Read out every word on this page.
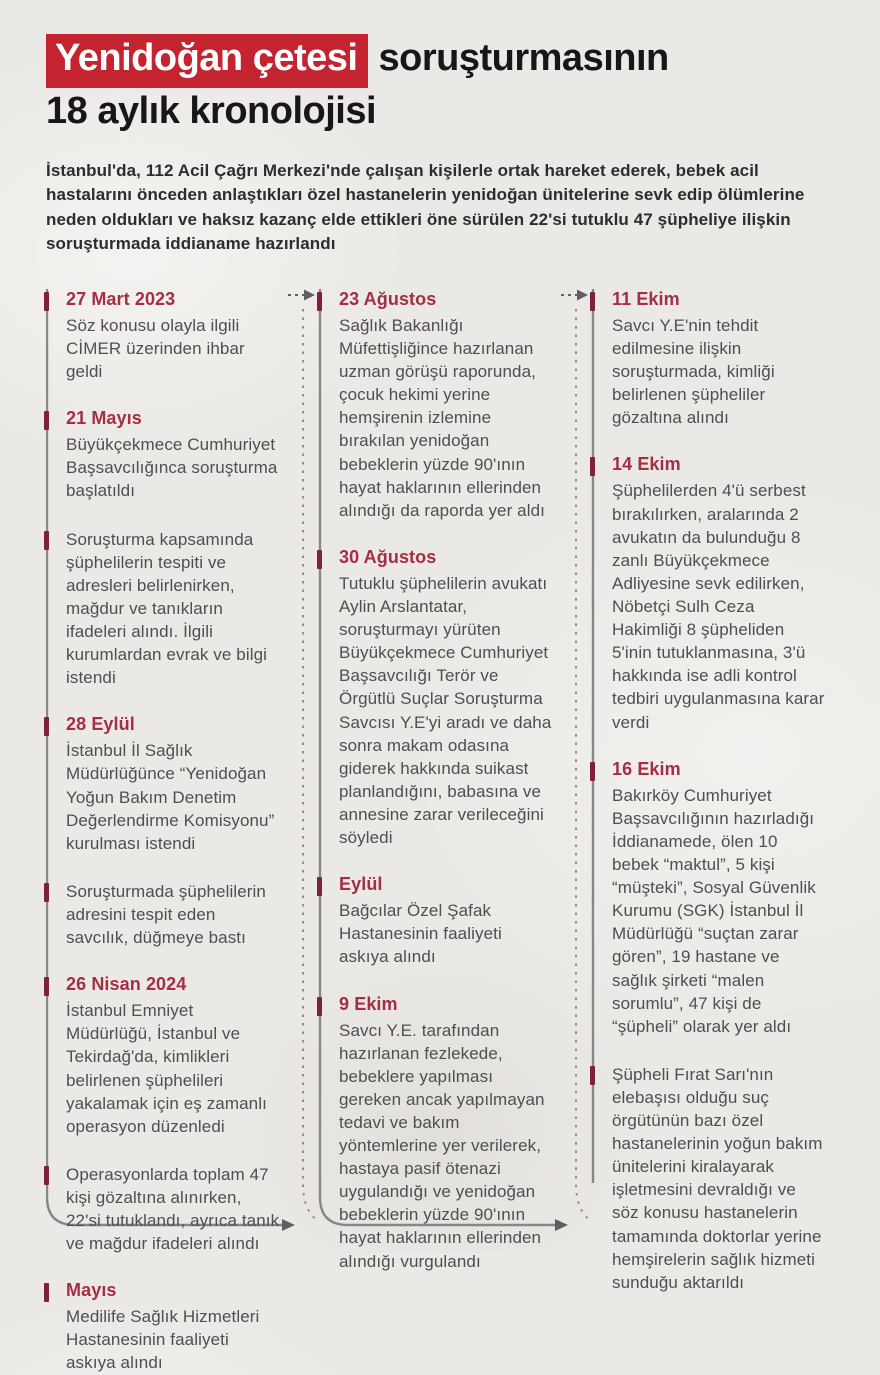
Yenidoğan çetesi soruşturmasının
18 aylık kronolojisi

İstanbul'da, 112 Acil Çağrı Merkezi'nde çalışan kişilerle ortak hareket ederek, bebek acil hastalarını önceden anlaştıkları özel hastanelerin yenidoğan ünitelerine sevk edip ölümlerine neden oldukları ve haksız kazanç elde ettikleri öne sürülen 22'si tutuklu 47 şüpheliye ilişkin soruşturmada iddianame hazırlandı

27 Mart 2023

Söz konusu olayla ilgili CİMER üzerinden ihbar geldi

21 Mayıs

Büyükçekmece Cumhuriyet Başsavcılığınca soruşturma başlatıldı

Soruşturma kapsamında şüphelilerin tespiti ve adresleri belirlenirken, mağdur ve tanıkların ifadeleri alındı. İlgili kurumlardan evrak ve bilgi istendi

28 Eylül

İstanbul İl Sağlık Müdürlüğünce “Yenidoğan Yoğun Bakım Denetim Değerlendirme Komisyonu” kurulması istendi

Soruşturmada şüphelilerin adresini tespit eden savcılık, düğmeye bastı

26 Nisan 2024

İstanbul Emniyet Müdürlüğü, İstanbul ve Tekirdağ'da, kimlikleri belirlenen şüphelileri yakalamak için eş zamanlı operasyon düzenledi

Operasyonlarda toplam 47 kişi gözaltına alınırken, 22'si tutuklandı, ayrıca tanık ve mağdur ifadeleri alındı

Mayıs

Medilife Sağlık Hizmetleri Hastanesinin faaliyeti askıya alındı

23 Ağustos

Sağlık Bakanlığı Müfettişliğince hazırlanan uzman görüşü raporunda, çocuk hekimi yerine hemşirenin izlemine bırakılan yenidoğan bebeklerin yüzde 90'ının hayat haklarının ellerinden alındığı da raporda yer aldı

30 Ağustos

Tutuklu şüphelilerin avukatı Aylin Arslantatar, soruşturmayı yürüten Büyükçekmece Cumhuriyet Başsavcılığı Terör ve Örgütlü Suçlar Soruşturma Savcısı Y.E'yi aradı ve daha sonra makam odasına giderek hakkında suikast planlandığını, babasına ve annesine zarar verileceğini söyledi

Eylül

Bağcılar Özel Şafak Hastanesinin faaliyeti askıya alındı

9 Ekim

Savcı Y.E. tarafından hazırlanan fezlekede, bebeklere yapılması gereken ancak yapılmayan tedavi ve bakım yöntemlerine yer verilerek, hastaya pasif ötenazi uygulandığı ve yenidoğan bebeklerin yüzde 90'ının hayat haklarının ellerinden alındığı vurgulandı

11 Ekim

Savcı Y.E'nin tehdit edilmesine ilişkin soruşturmada, kimliği belirlenen şüpheliler gözaltına alındı

14 Ekim

Şüphelilerden 4'ü serbest bırakılırken, aralarında 2 avukatın da bulunduğu 8 zanlı Büyükçekmece Adliyesine sevk edilirken, Nöbetçi Sulh Ceza Hakimliği 8 şüpheliden 5'inin tutuklanmasına, 3'ü hakkında ise adli kontrol tedbiri uygulanmasına karar verdi

16 Ekim

Bakırköy Cumhuriyet Başsavcılığının hazırladığı İddianamede, ölen 10 bebek “maktul”, 5 kişi “müşteki”, Sosyal Güvenlik Kurumu (SGK) İstanbul İl Müdürlüğü “suçtan zarar gören”, 19 hastane ve sağlık şirketi “malen sorumlu”, 47 kişi de “şüpheli” olarak yer aldı

Şüpheli Fırat Sarı'nın elebaşısı olduğu suç örgütünün bazı özel hastanelerinin yoğun bakım ünitelerini kiralayarak işletmesini devraldığı ve söz konusu hastanelerin tamamında doktorlar yerine hemşirelerin sağlık hizmeti sunduğu aktarıldı
